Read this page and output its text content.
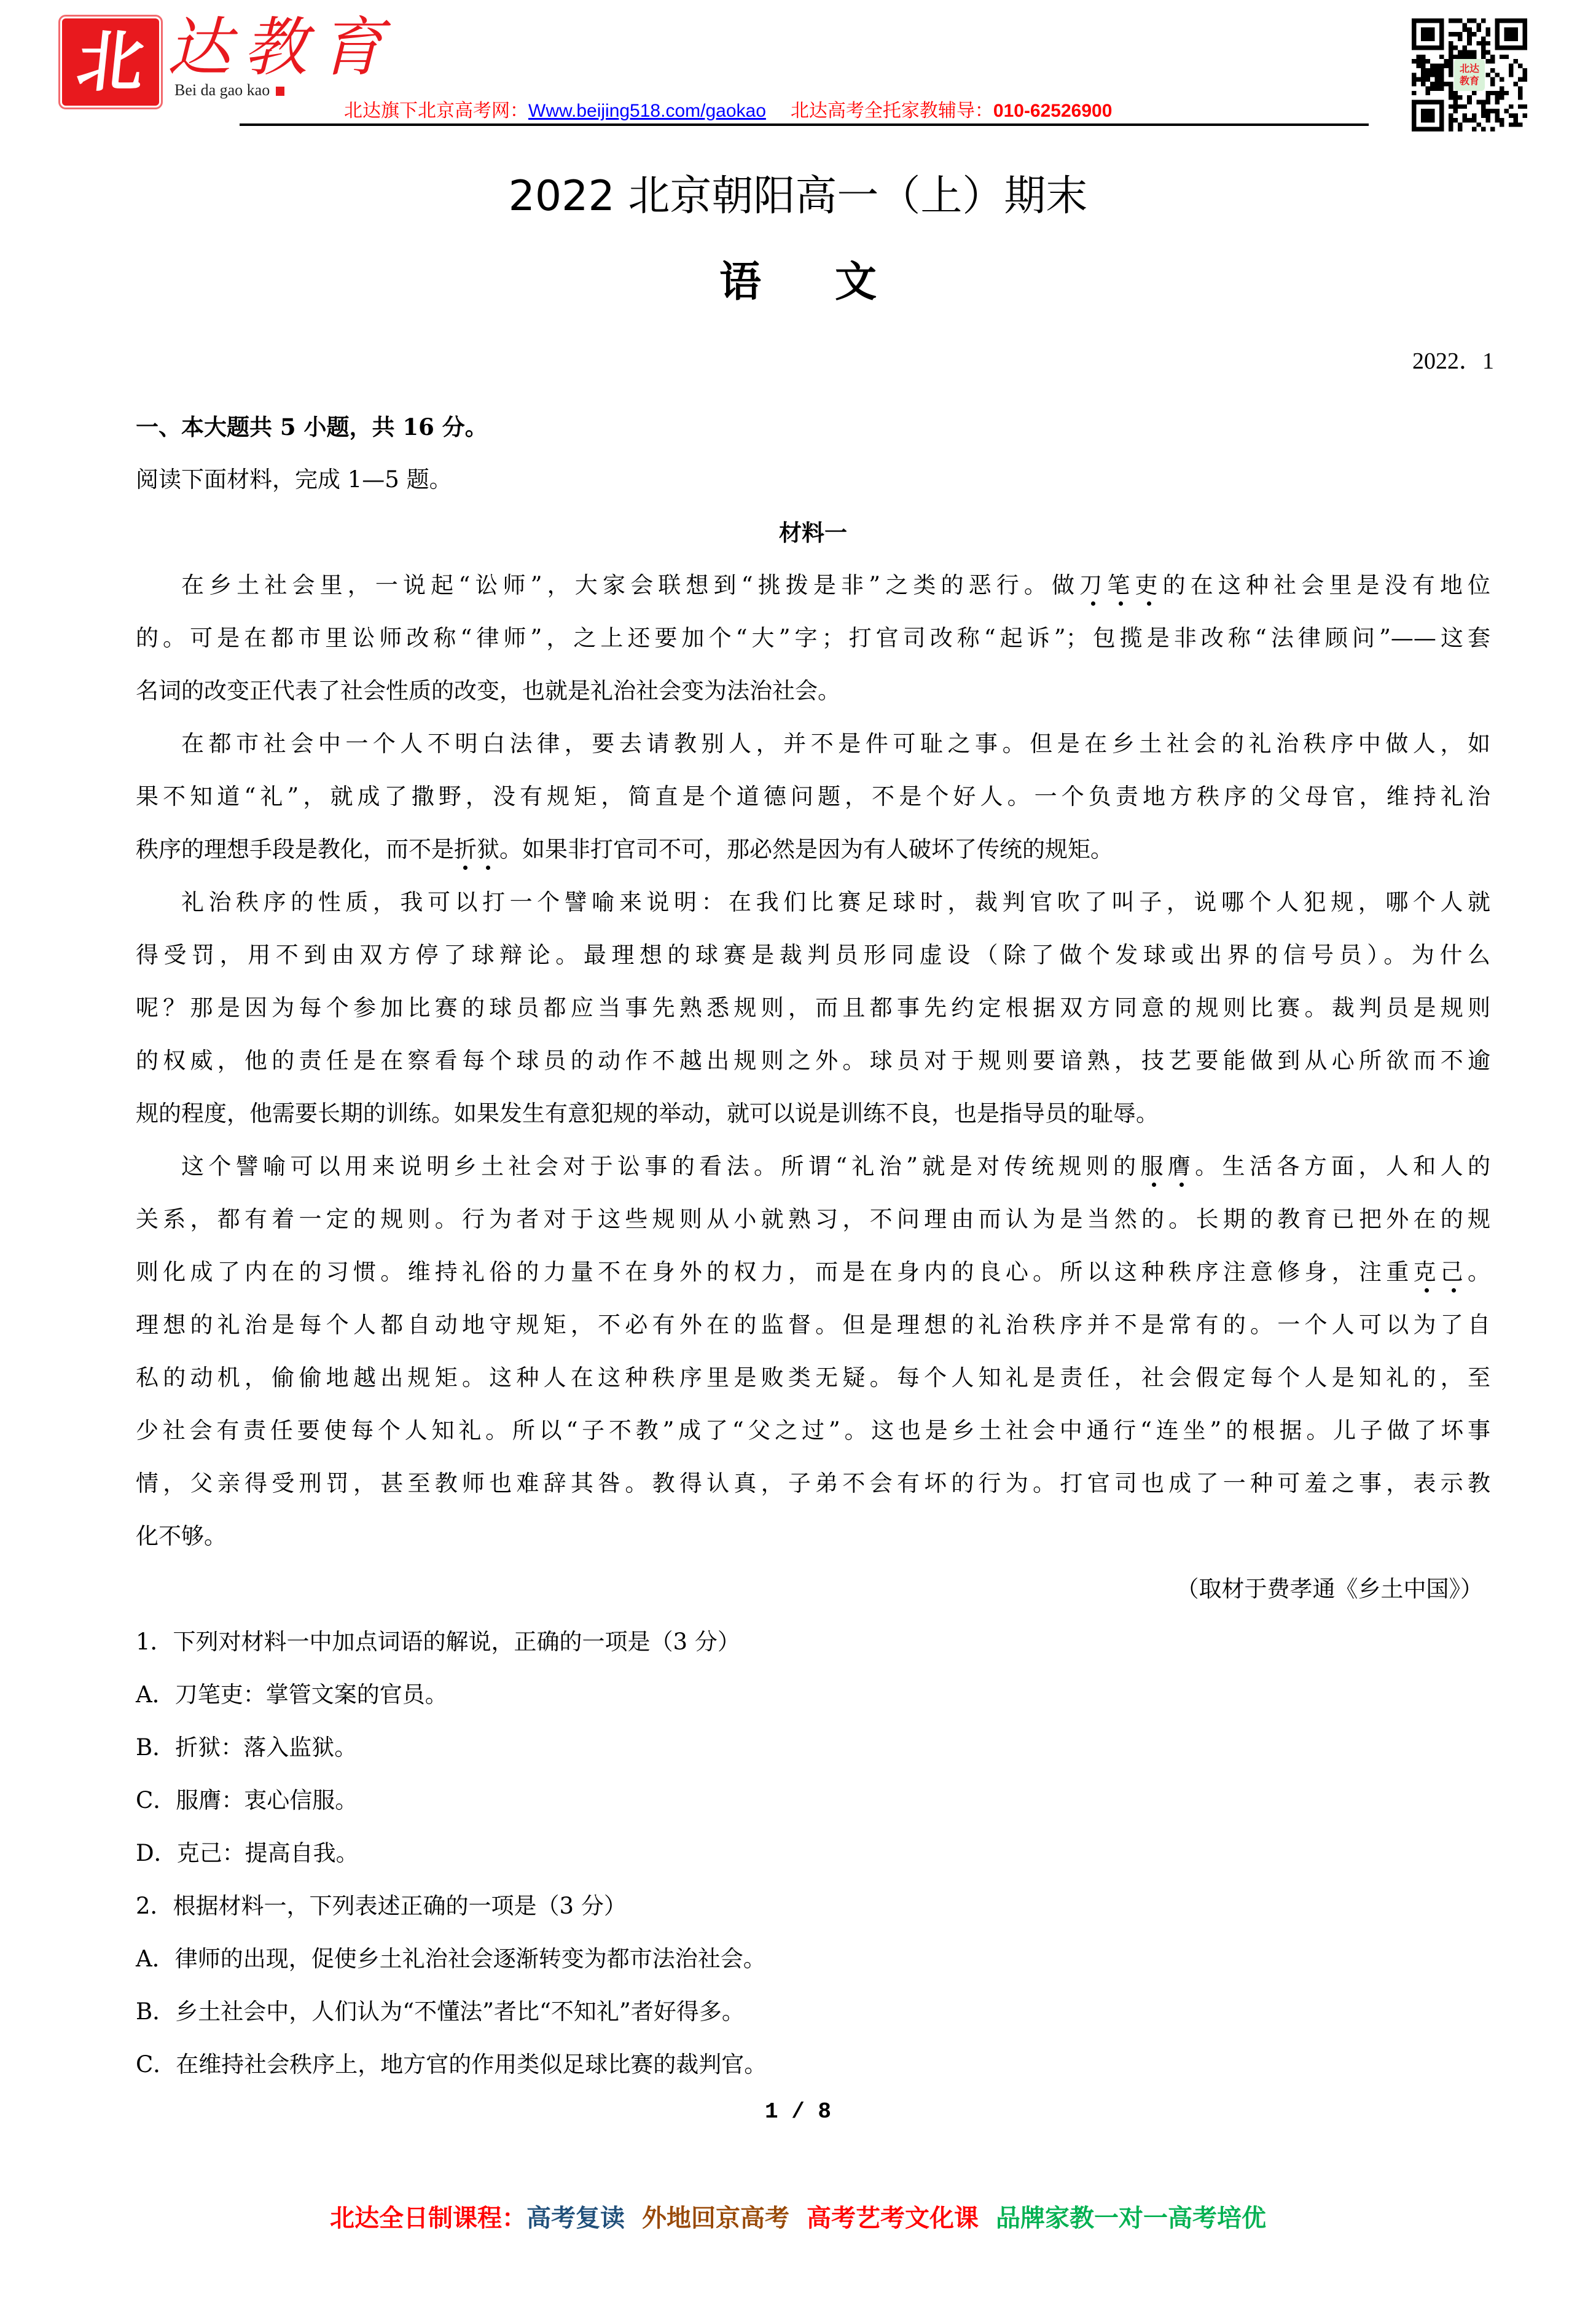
北 达教育
Bei da gao kao
北达旗下北京高考网：Www.beijing518.com/gaokao 北达高考全托家教辅导：010-62526900
北达教育
2022 北京朝阳高一（上）期末
语 文
2022．1
一、本大题共 5 小题，共 16 分。
阅读下面材料，完成 1—5 题。
材料一
在乡土社会里，一说起“讼师”，大家会联想到“挑拨是非”之类的恶行。做刀笔吏的在这种社会里是没有地位
的。可是在都市里讼师改称“律师”，之上还要加个“大”字；打官司改称“起诉”；包揽是非改称“法律顾问”——这套
名词的改变正代表了社会性质的改变，也就是礼治社会变为法治社会。
在都市社会中一个人不明白法律，要去请教别人，并不是件可耻之事。但是在乡土社会的礼治秩序中做人，如
果不知道“礼”，就成了撒野，没有规矩，简直是个道德问题，不是个好人。一个负责地方秩序的父母官，维持礼治
秩序的理想手段是教化，而不是折狱。如果非打官司不可，那必然是因为有人破坏了传统的规矩。
礼治秩序的性质，我可以打一个譬喻来说明：在我们比赛足球时，裁判官吹了叫子，说哪个人犯规，哪个人就
得受罚，用不到由双方停了球辩论。最理想的球赛是裁判员形同虚设（除了做个发球或出界的信号员）。为什么
呢？那是因为每个参加比赛的球员都应当事先熟悉规则，而且都事先约定根据双方同意的规则比赛。裁判员是规则
的权威，他的责任是在察看每个球员的动作不越出规则之外。球员对于规则要谙熟，技艺要能做到从心所欲而不逾
规的程度，他需要长期的训练。如果发生有意犯规的举动，就可以说是训练不良，也是指导员的耻辱。
这个譬喻可以用来说明乡土社会对于讼事的看法。所谓“礼治”就是对传统规则的服膺。生活各方面，人和人的
关系，都有着一定的规则。行为者对于这些规则从小就熟习，不问理由而认为是当然的。长期的教育已把外在的规
则化成了内在的习惯。维持礼俗的力量不在身外的权力，而是在身内的良心。所以这种秩序注意修身，注重克己。
理想的礼治是每个人都自动地守规矩，不必有外在的监督。但是理想的礼治秩序并不是常有的。一个人可以为了自
私的动机，偷偷地越出规矩。这种人在这种秩序里是败类无疑。每个人知礼是责任，社会假定每个人是知礼的，至
少社会有责任要使每个人知礼。所以“子不教”成了“父之过”。这也是乡土社会中通行“连坐”的根据。儿子做了坏事
情，父亲得受刑罚，甚至教师也难辞其咎。教得认真，子弟不会有坏的行为。打官司也成了一种可羞之事，表示教
化不够。
（取材于费孝通《乡土中国》）
1．下列对材料一中加点词语的解说，正确的一项是（3 分）
A．刀笔吏：掌管文案的官员。
B．折狱：落入监狱。
C．服膺：衷心信服。
D．克己：提高自我。
2．根据材料一，下列表述正确的一项是（3 分）
A．律师的出现，促使乡土礼治社会逐渐转变为都市法治社会。
B．乡土社会中，人们认为“不懂法”者比“不知礼”者好得多。
C．在维持社会秩序上，地方官的作用类似足球比赛的裁判官。
1 / 8
北达全日制课程：高考复读 外地回京高考 高考艺考文化课 品牌家教一对一高考培优
